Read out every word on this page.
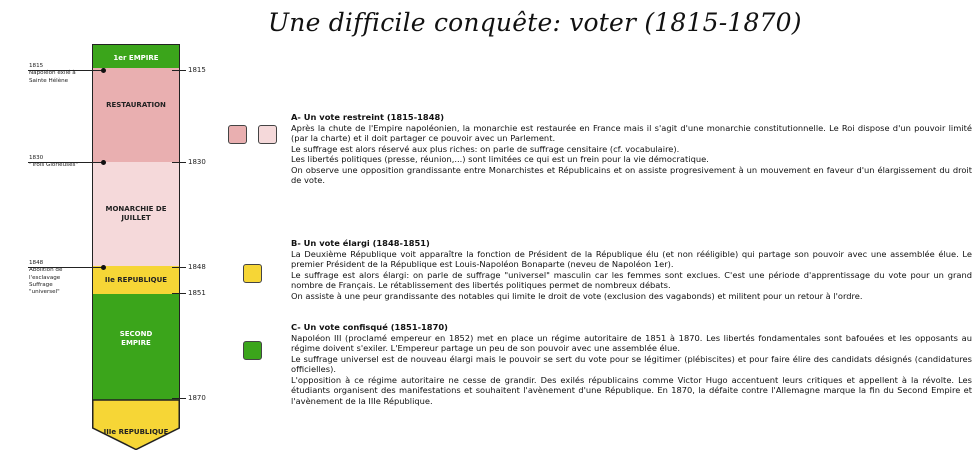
Une difficile conquête: voter (1815-1870)
1er EMPIRE
RESTAURATION
MONARCHIE DE
JUILLET
IIe REPUBLIQUE
SECOND
EMPIRE
IIIe REPUBLIQUE
1815
1830
1848
1851
1870
1815
Napoléon exilé à
Sainte Hélène
1830
"Trois Glorieuses"
1848
Abolition de
l'esclavage
Suffrage
"universel"
A- Un vote restreint (1815-1848)

Après la chute de l'Empire napoléonien, la monarchie est restaurée en France mais il s'agit d'une monarchie constitutionnelle. Le Roi dispose d'un pouvoir limité (par la charte) et il doit partager ce pouvoir avec un Parlement.

Le suffrage est alors réservé aux plus riches: on parle de suffrage censitaire (cf. vocabulaire).

Les libertés politiques (presse, réunion,...) sont limitées ce qui est un frein pour la vie démocratique.

On observe une opposition grandissante entre Monarchistes et Républicains et on assiste progresivement à un mouvement en faveur d'un élargissement du droit de vote.

B- Un vote élargi (1848-1851)

La Deuxième République voit apparaître la fonction de Président de la République élu (et non rééligible) qui partage son pouvoir avec une assemblée élue. Le premier Président de la République est Louis-Napoléon Bonaparte (neveu de Napoléon 1er).

Le suffrage est alors élargi: on parle de suffrage "universel" masculin car les femmes sont exclues. C'est une période d'apprentissage du vote pour un grand nombre de Français. Le rétablissement des libertés politiques permet de nombreux débats.

On assiste à une peur grandissante des notables qui limite le droit de vote (exclusion des vagabonds) et militent pour un retour à l'ordre.

C- Un vote confisqué (1851-1870)

Napoléon III (proclamé empereur en 1852) met en place un régime autoritaire de 1851 à 1870. Les libertés fondamentales sont bafouées et les opposants au régime doivent s'exiler. L'Empereur partage un peu de son pouvoir avec une assemblée élue.

Le suffrage universel est de nouveau élargi mais le pouvoir se sert du vote pour se légitimer (plébiscites) et pour faire élire des candidats désignés (candidatures officielles).

L'opposition à ce régime autoritaire ne cesse de grandir. Des exilés républicains comme Victor Hugo accentuent leurs critiques et appellent à la révolte. Les étudiants organisent des manifestations et souhaitent l'avènement d'une République. En 1870, la défaite contre l'Allemagne marque la fin du Second Empire et l'avènement de la IIIe République.
